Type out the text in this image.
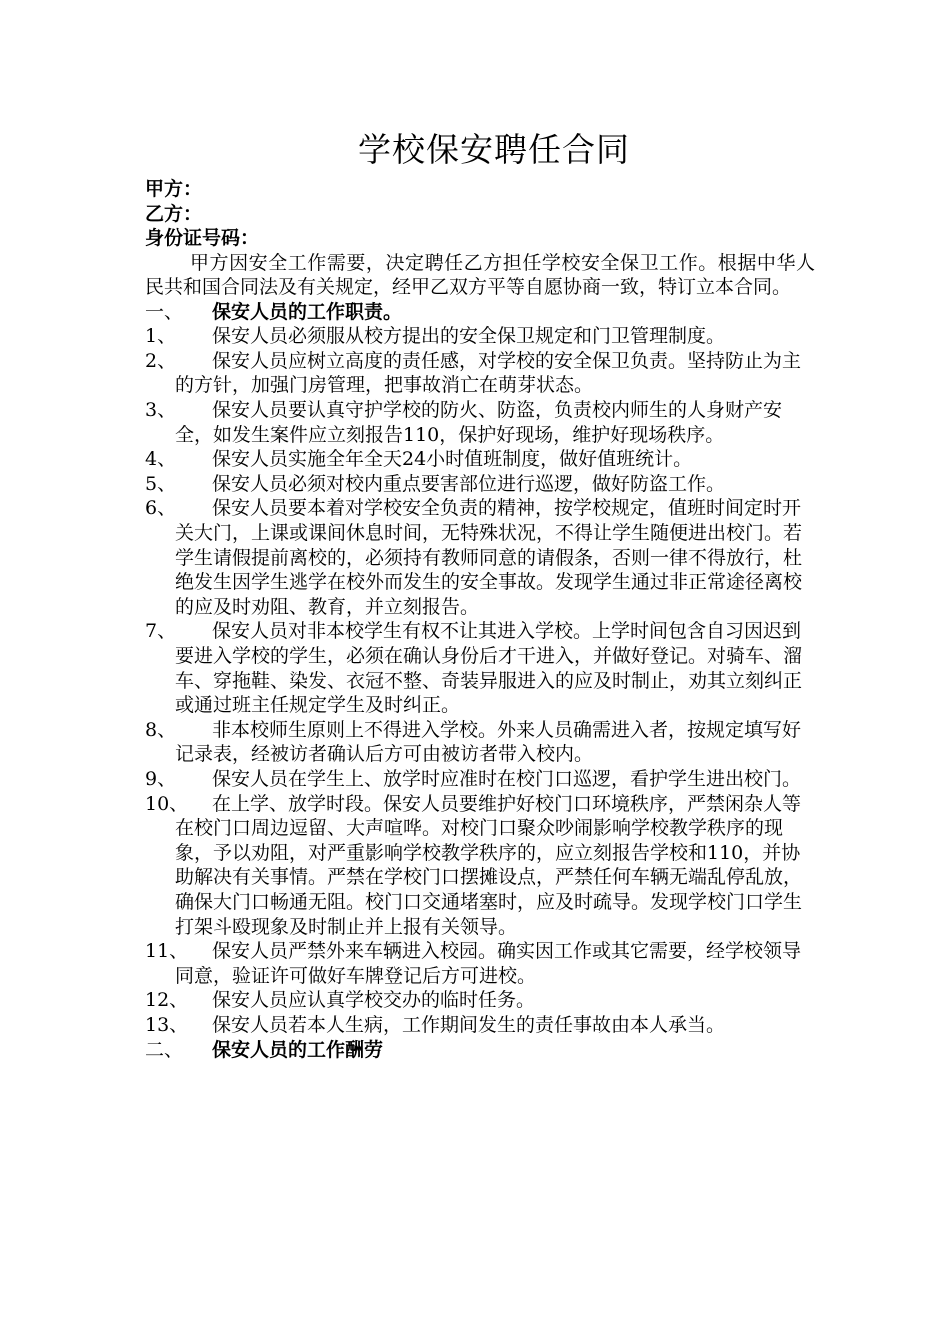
学校保安聘任合同
甲方：
乙方：
身份证号码：

甲方因安全工作需要，决定聘任乙方担任学校安全保卫工作。根据中华人民共和国合同法及有关规定，经甲乙双方平等自愿协商一致，特订立本合同。

一、	保安人员的工作职责。
1、	保安人员必须服从校方提出的安全保卫规定和门卫管理制度。
2、	保安人员应树立高度的责任感，对学校的安全保卫负责。坚持防止为主的方针，加强门房管理，把事故消亡在萌芽状态。
3、	保安人员要认真守护学校的防火、防盗，负责校内师生的人身财产安全，如发生案件应立刻报告110，保护好现场，维护好现场秩序。
4、	保安人员实施全年全天24小时值班制度，做好值班统计。
5、	保安人员必须对校内重点要害部位进行巡逻，做好防盗工作。
6、	保安人员要本着对学校安全负责的精神，按学校规定，值班时间定时开关大门，上课或课间休息时间，无特殊状况，不得让学生随便进出校门。若学生请假提前离校的，必须持有教师同意的请假条，否则一律不得放行，杜绝发生因学生逃学在校外而发生的安全事故。发现学生通过非正常途径离校的应及时劝阻、教育，并立刻报告。
7、	保安人员对非本校学生有权不让其进入学校。上学时间包含自习因迟到要进入学校的学生，必须在确认身份后才干进入，并做好登记。对骑车、溜车、穿拖鞋、染发、衣冠不整、奇装异服进入的应及时制止，劝其立刻纠正或通过班主任规定学生及时纠正。
8、	非本校师生原则上不得进入学校。外来人员确需进入者，按规定填写好记录表，经被访者确认后方可由被访者带入校内。
9、	保安人员在学生上、放学时应准时在校门口巡逻，看护学生进出校门。
10、	在上学、放学时段。保安人员要维护好校门口环境秩序，严禁闲杂人等在校门口周边逗留、大声喧哗。对校门口聚众吵闹影响学校教学秩序的现象，予以劝阻，对严重影响学校教学秩序的，应立刻报告学校和110，并协助解决有关事情。严禁在学校门口摆摊设点，严禁任何车辆无端乱停乱放，确保大门口畅通无阻。校门口交通堵塞时，应及时疏导。发现学校门口学生打架斗殴现象及时制止并上报有关领导。
11、	保安人员严禁外来车辆进入校园。确实因工作或其它需要，经学校领导同意，验证许可做好车牌登记后方可进校。
12、	保安人员应认真学校交办的临时任务。
13、	保安人员若本人生病，工作期间发生的责任事故由本人承当。
二、	保安人员的工作酬劳
